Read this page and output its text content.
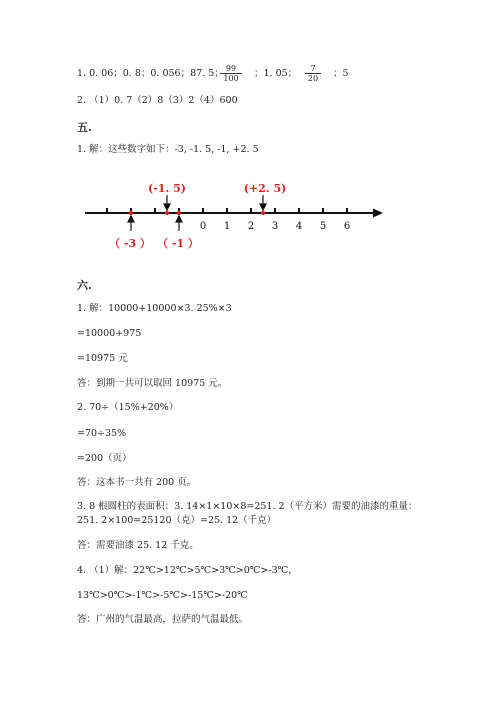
1. 0. 06；0. 8；0. 056；87. 5；
$\frac{99}{100}$ ；1. 05； $\frac{7}{20}$ ；5
2. （1）0. 7（2）8（3）2（4）600
五.
1. 解：这些数字如下：-3, -1. 5, -1, +2. 5
0 1 2 3 4 5 6
(-1. 5)	(+2. 5)
（ -3 ） （ -1 ）
六.
1. 解：10000+10000×3. 25%×3
=10000+975
=10975 元
答：到期一共可以取回 10975 元。
2. 70÷（15%+20%）
=70÷35%
=200（页）
答：这本书一共有 200 页。
3. 8 根圆柱的表面积：3. 14×1×10×8=251. 2（平方米）需要的油漆的重量：
251. 2×100=25120（克）=25. 12（千克）
答：需要油漆 25. 12 千克。
4. （1）解：22℃>12℃>5℃>3℃>0℃>-3℃，
13℃>0℃>-1℃>-5℃>-15℃>-20℃
答：广州的气温最高，拉萨的气温最低。
